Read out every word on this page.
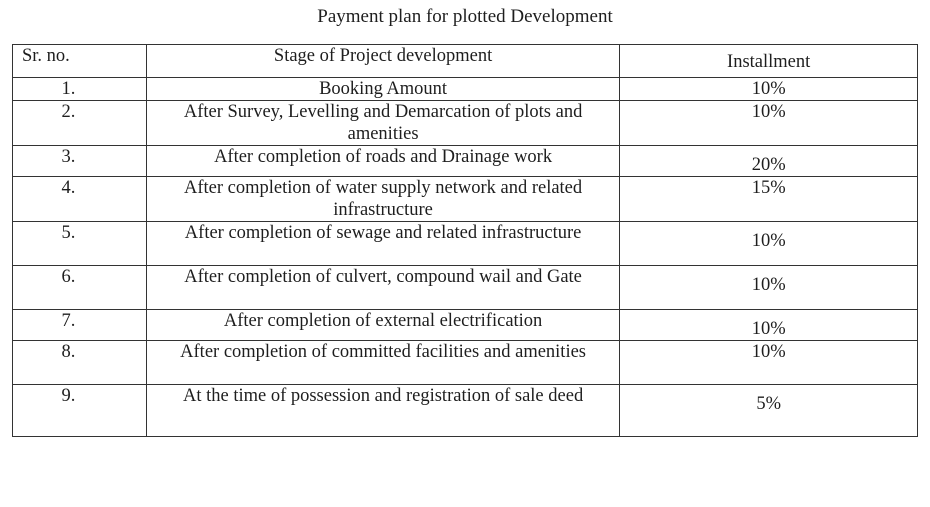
Payment plan for plotted Development
Sr. no.	Stage of Project development	Installment
1.	Booking Amount	10%
2.	After Survey, Levelling and Demarcation of plots and amenities	10%
3.	After completion of roads and Drainage work	20%
4.	After completion of water supply network and related infrastructure	15%
5.	After completion of sewage and related infrastructure	10%
6.	After completion of culvert, compound wail and Gate	10%
7.	After completion of external electrification	10%
8.	After completion of committed facilities and amenities	10%
9.	At the time of possession and registration of sale deed	5%
